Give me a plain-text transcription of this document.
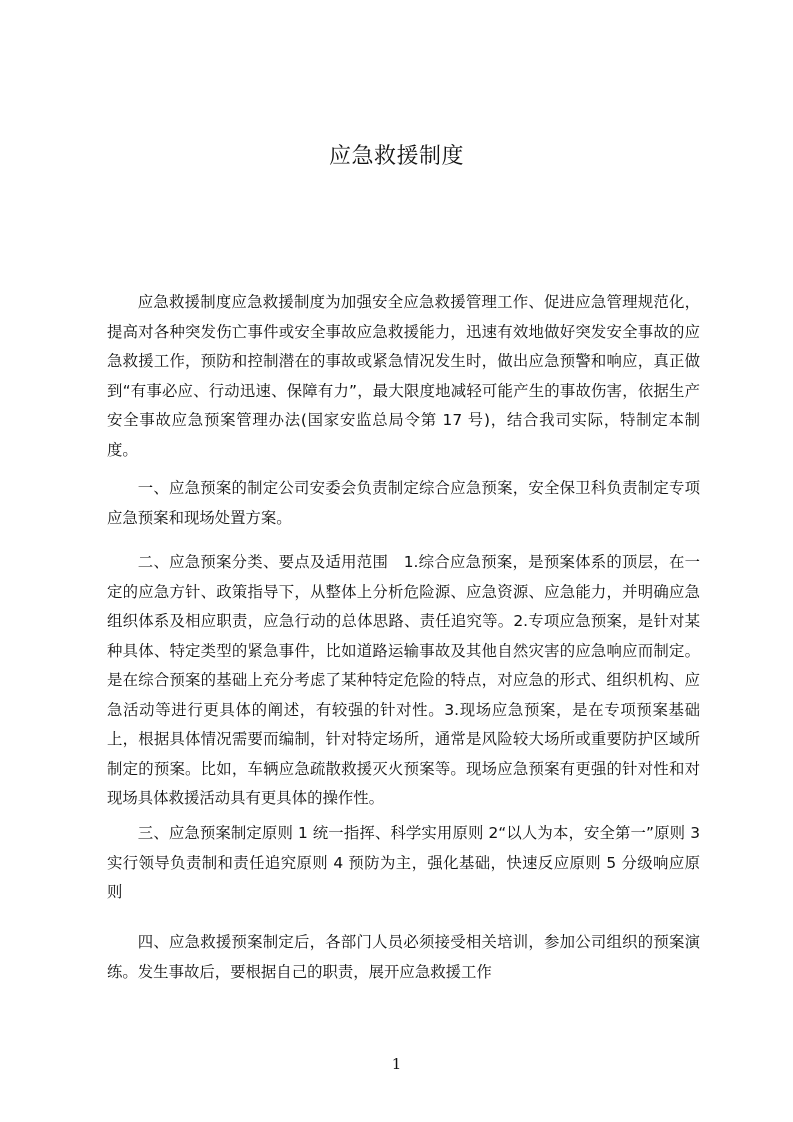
应急救援制度

应急救援制度应急救援制度为加强安全应急救援管理工作、促进应急管理规范化，提高对各种突发伤亡事件或安全事故应急救援能力，迅速有效地做好突发安全事故的应急救援工作，预防和控制潜在的事故或紧急情况发生时，做出应急预警和响应，真正做到“有事必应、行动迅速、保障有力”，最大限度地减轻可能产生的事故伤害，依据生产安全事故应急预案管理办法(国家安监总局令第 17 号)，结合我司实际，特制定本制度。

一、应急预案的制定公司安委会负责制定综合应急预案，安全保卫科负责制定专项应急预案和现场处置方案。

二、应急预案分类、要点及适用范围　1.综合应急预案，是预案体系的顶层，在一定的应急方针、政策指导下，从整体上分析危险源、应急资源、应急能力，并明确应急组织体系及相应职责，应急行动的总体思路、责任追究等。2.专项应急预案，是针对某种具体、特定类型的紧急事件，比如道路运输事故及其他自然灾害的应急响应而制定。是在综合预案的基础上充分考虑了某种特定危险的特点，对应急的形式、组织机构、应急活动等进行更具体的阐述，有较强的针对性。3.现场应急预案，是在专项预案基础上，根据具体情况需要而编制，针对特定场所，通常是风险较大场所或重要防护区域所制定的预案。比如，车辆应急疏散救援灭火预案等。现场应急预案有更强的针对性和对现场具体救援活动具有更具体的操作性。

三、应急预案制定原则 1 统一指挥、科学实用原则 2“以人为本，安全第一”原则 3 实行领导负责制和责任追究原则 4 预防为主，强化基础，快速反应原则 5 分级响应原则

四、应急救援预案制定后，各部门人员必须接受相关培训，参加公司组织的预案演练。发生事故后，要根据自己的职责，展开应急救援工作

1
